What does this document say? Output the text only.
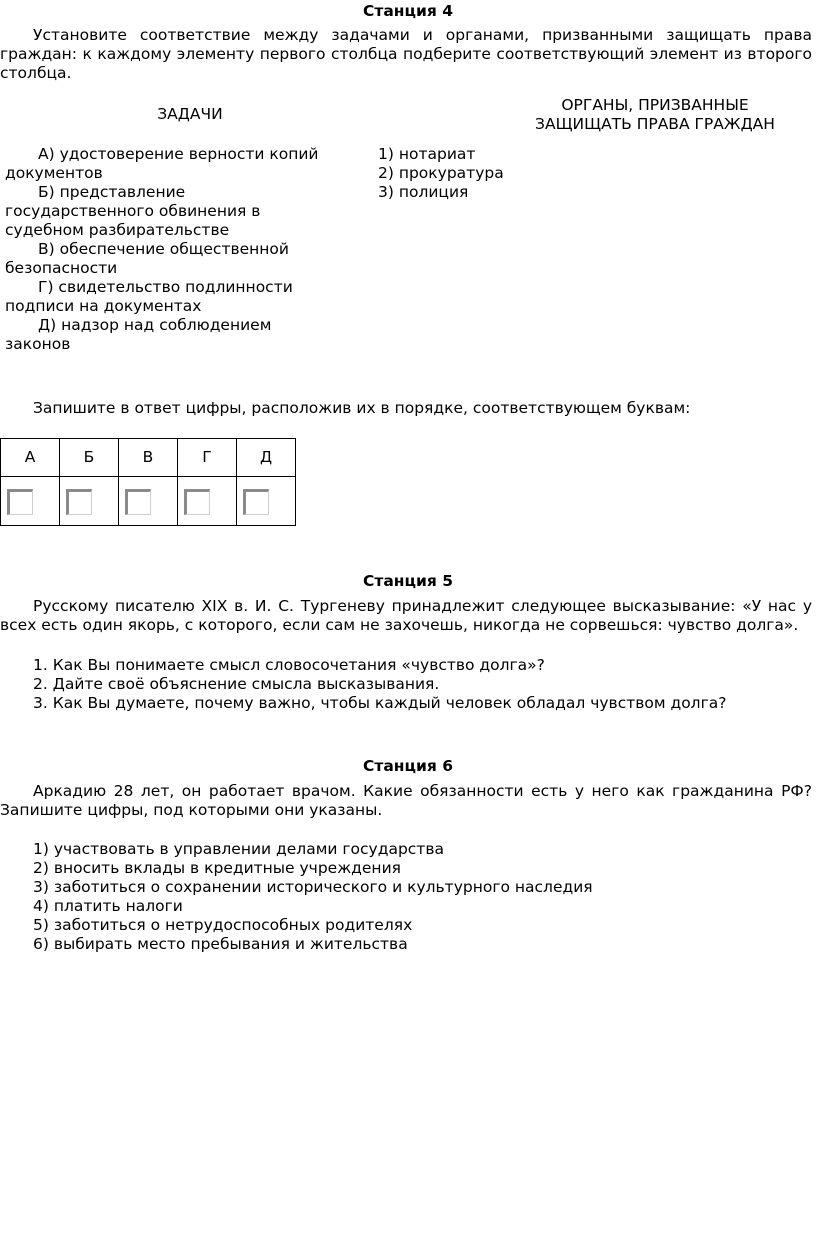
Станция 4
Установите соответствие между задачами и органами, призванными защищать права граждан: к каждому элементу первого столбца подберите соответствующий элемент из второго столбца.
ЗАДАЧИ	ОРГАНЫ, ПРИЗВАННЫЕ
ЗАЩИЩАТЬ ПРАВА ГРАЖДАН
А) удостоверение верности копий документов
Б) представление государственного обвинения в судебном разбирательстве
В) обеспечение общественной безопасности
Г) свидетельство подлинности подписи на документах
Д) надзор над соблюдением законов
1) нотариат
2) прокуратура
3) полиция
Запишите в ответ цифры, расположив их в порядке, соответствующем буквам:
А	Б	В	Г	Д

Станция 5
Русскому писателю XIX в. И. С. Тургеневу принадлежит следующее высказывание: «У нас у всех есть один якорь, с которого, если сам не захочешь, никогда не сорвешься: чувство долга».
1. Как Вы понимаете смысл словосочетания «чувство долга»?
2. Дайте своё объяснение смысла высказывания.
3. Как Вы думаете, почему важно, чтобы каждый человек обладал чувством долга?
Станция 6
Аркадию 28 лет, он работает врачом. Какие обязанности есть у него как гражданина РФ? Запишите цифры, под которыми они указаны.
1) участвовать в управлении делами государства
2) вносить вклады в кредитные учреждения
3) заботиться о сохранении исторического и культурного наследия
4) платить налоги
5) заботиться о нетрудоспособных родителях
6) выбирать место пребывания и жительства
